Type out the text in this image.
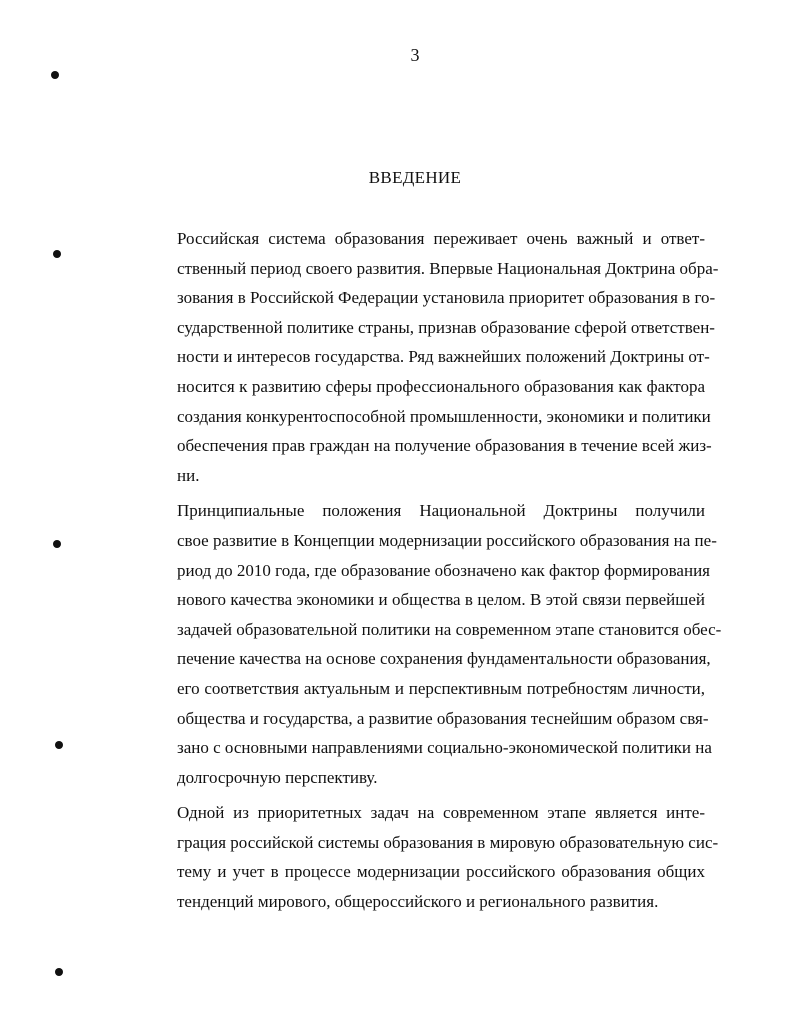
3
ВВЕДЕНИЕ

Российская система образования переживает очень важный и ответ-
ственный период своего развития. Впервые Национальная Доктрина обра-
зования в Российской Федерации установила приоритет образования в го-
сударственной политике страны, признав образование сферой ответствен-
ности и интересов государства. Ряд важнейших положений Доктрины от-
носится к развитию сферы профессионального образования как фактора
создания конкурентоспособной промышленности, экономики и политики
обеспечения прав граждан на получение образования в течение всей жиз-
ни.

Принципиальные положения Национальной Доктрины получили
свое развитие в Концепции модернизации российского образования на пе-
риод до 2010 года, где образование обозначено как фактор формирования
нового качества экономики и общества в целом. В этой связи первейшей
задачей образовательной политики на современном этапе становится обес-
печение качества на основе сохранения фундаментальности образования,
его соответствия актуальным и перспективным потребностям личности,
общества и государства, а развитие образования теснейшим образом свя-
зано с основными направлениями социально-экономической политики на
долгосрочную перспективу.

Одной из приоритетных задач на современном этапе является инте-
грация российской системы образования в мировую образовательную сис-
тему и учет в процессе модернизации российского образования общих
тенденций мирового, общероссийского и регионального развития.
